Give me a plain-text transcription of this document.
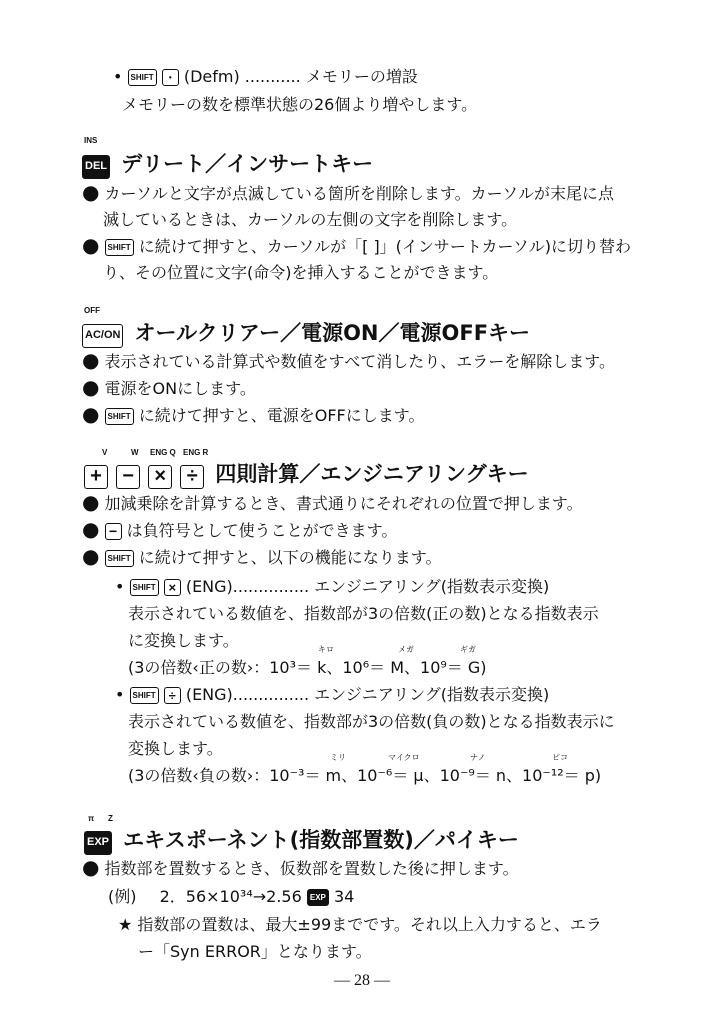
• SHIFT • (Defm) ........... メモリーの増設
メモリーの数を標準状態の26個より増やします。
INS
DEL デリート／インサートキー
● カーソルと文字が点滅している箇所を削除します。カーソルが末尾に点
滅しているときは、カーソルの左側の文字を削除します。
● SHIFT に続けて押すと、カーソルが「[ ]」(インサートカーソル)に切り替わ
り、その位置に文字(命令)を挿入することができます。
OFF
AC/ON オールクリアー／電源ON／電源OFFキー
● 表示されている計算式や数値をすべて消したり、エラーを解除します。
● 電源をONにします。
● SHIFT に続けて押すと、電源をOFFにします。
V	W ENG Q ENG R
+ − × ÷ 四則計算／エンジニアリングキー
● 加減乗除を計算するとき、書式通りにそれぞれの位置で押します。
● − は負符号として使うことができます。
● SHIFT に続けて押すと、以下の機能になります。
• SHIFT × (ENG)............... エンジニアリング(指数表示変換)
表示されている数値を、指数部が3の倍数(正の数)となる指数表示
に変換します。	キロ	メガ	ギガ
(3の倍数‹正の数›：10³＝ k、10⁶＝ M、10⁹＝ G)
• SHIFT ÷ (ENG)............... エンジニアリング(指数表示変換)
表示されている数値を、指数部が3の倍数(負の数)となる指数表示に
変換します。	ミリ	マイクロ	ナノ	ピコ
(3の倍数‹負の数›：10⁻³＝ m、10⁻⁶＝ μ、10⁻⁹＝ n、10⁻¹²＝ p)
π Z
EXP エキスポーネント(指数部置数)／パイキー
● 指数部を置数するとき、仮数部を置数した後に押します。
(例) 2．56×10³⁴→2.56 EXP 34
★ 指数部の置数は、最大±99までです。それ以上入力すると、エラ
ー「Syn ERROR」となります。
— 28 —
